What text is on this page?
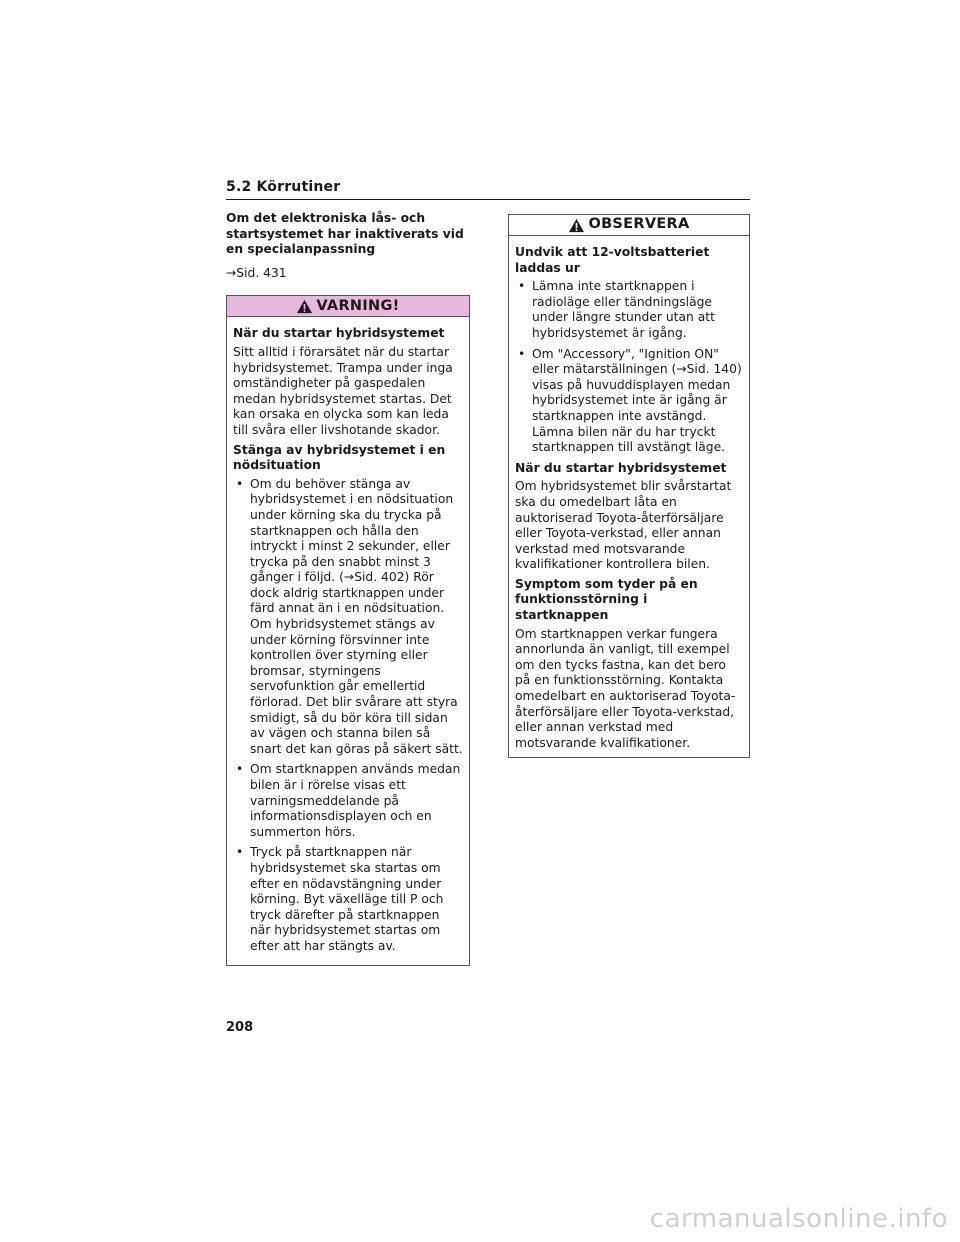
5.2 Körrutiner

Om det elektroniska lås- och startsystemet har inaktiverats vid en specialanpassning

→Sid. 431

VARNING!

När du startar hybridsystemet

Sitt alltid i förarsätet när du startar hybridsystemet. Trampa under inga omständigheter på gaspedalen medan hybridsystemet startas. Det kan orsaka en olycka som kan leda till svåra eller livshotande skador.

Stänga av hybridsystemet i en nödsituation

• Om du behöver stänga av hybridsystemet i en nödsituation under körning ska du trycka på startknappen och hålla den intryckt i minst 2 sekunder, eller trycka på den snabbt minst 3 gånger i följd. (→Sid. 402) Rör dock aldrig startknappen under färd annat än i en nödsituation. Om hybridsystemet stängs av under körning försvinner inte kontrollen över styrning eller bromsar, styrningens servofunktion går emellertid förlorad. Det blir svårare att styra smidigt, så du bör köra till sidan av vägen och stanna bilen så snart det kan göras på säkert sätt.
• Om startknappen används medan bilen är i rörelse visas ett varningsmeddelande på informationsdisplayen och en summerton hörs.
• Tryck på startknappen när hybridsystemet ska startas om efter en nödavstängning under körning. Byt växelläge till P och tryck därefter på startknappen när hybridsystemet startas om efter att har stängts av.
OBSERVERA

Undvik att 12-voltsbatteriet laddas ur

• Lämna inte startknappen i radioläge eller tändningsläge under längre stunder utan att hybridsystemet är igång.
• Om "Accessory", "Ignition ON" eller mätarställningen (→Sid. 140) visas på huvuddisplayen medan hybridsystemet inte är igång är startknappen inte avstängd. Lämna bilen när du har tryckt startknappen till avstängt läge.

När du startar hybridsystemet

Om hybridsystemet blir svårstartat ska du omedelbart låta en auktoriserad Toyota-återförsäljare eller Toyota-verkstad, eller annan verkstad med motsvarande kvalifikationer kontrollera bilen.

Symptom som tyder på en funktionsstörning i startknappen

Om startknappen verkar fungera annorlunda än vanligt, till exempel om den tycks fastna, kan det bero på en funktionsstörning. Kontakta omedelbart en auktoriserad Toyota-återförsäljare eller Toyota-verkstad, eller annan verkstad med motsvarande kvalifikationer.

208
carmanualsonline.info
